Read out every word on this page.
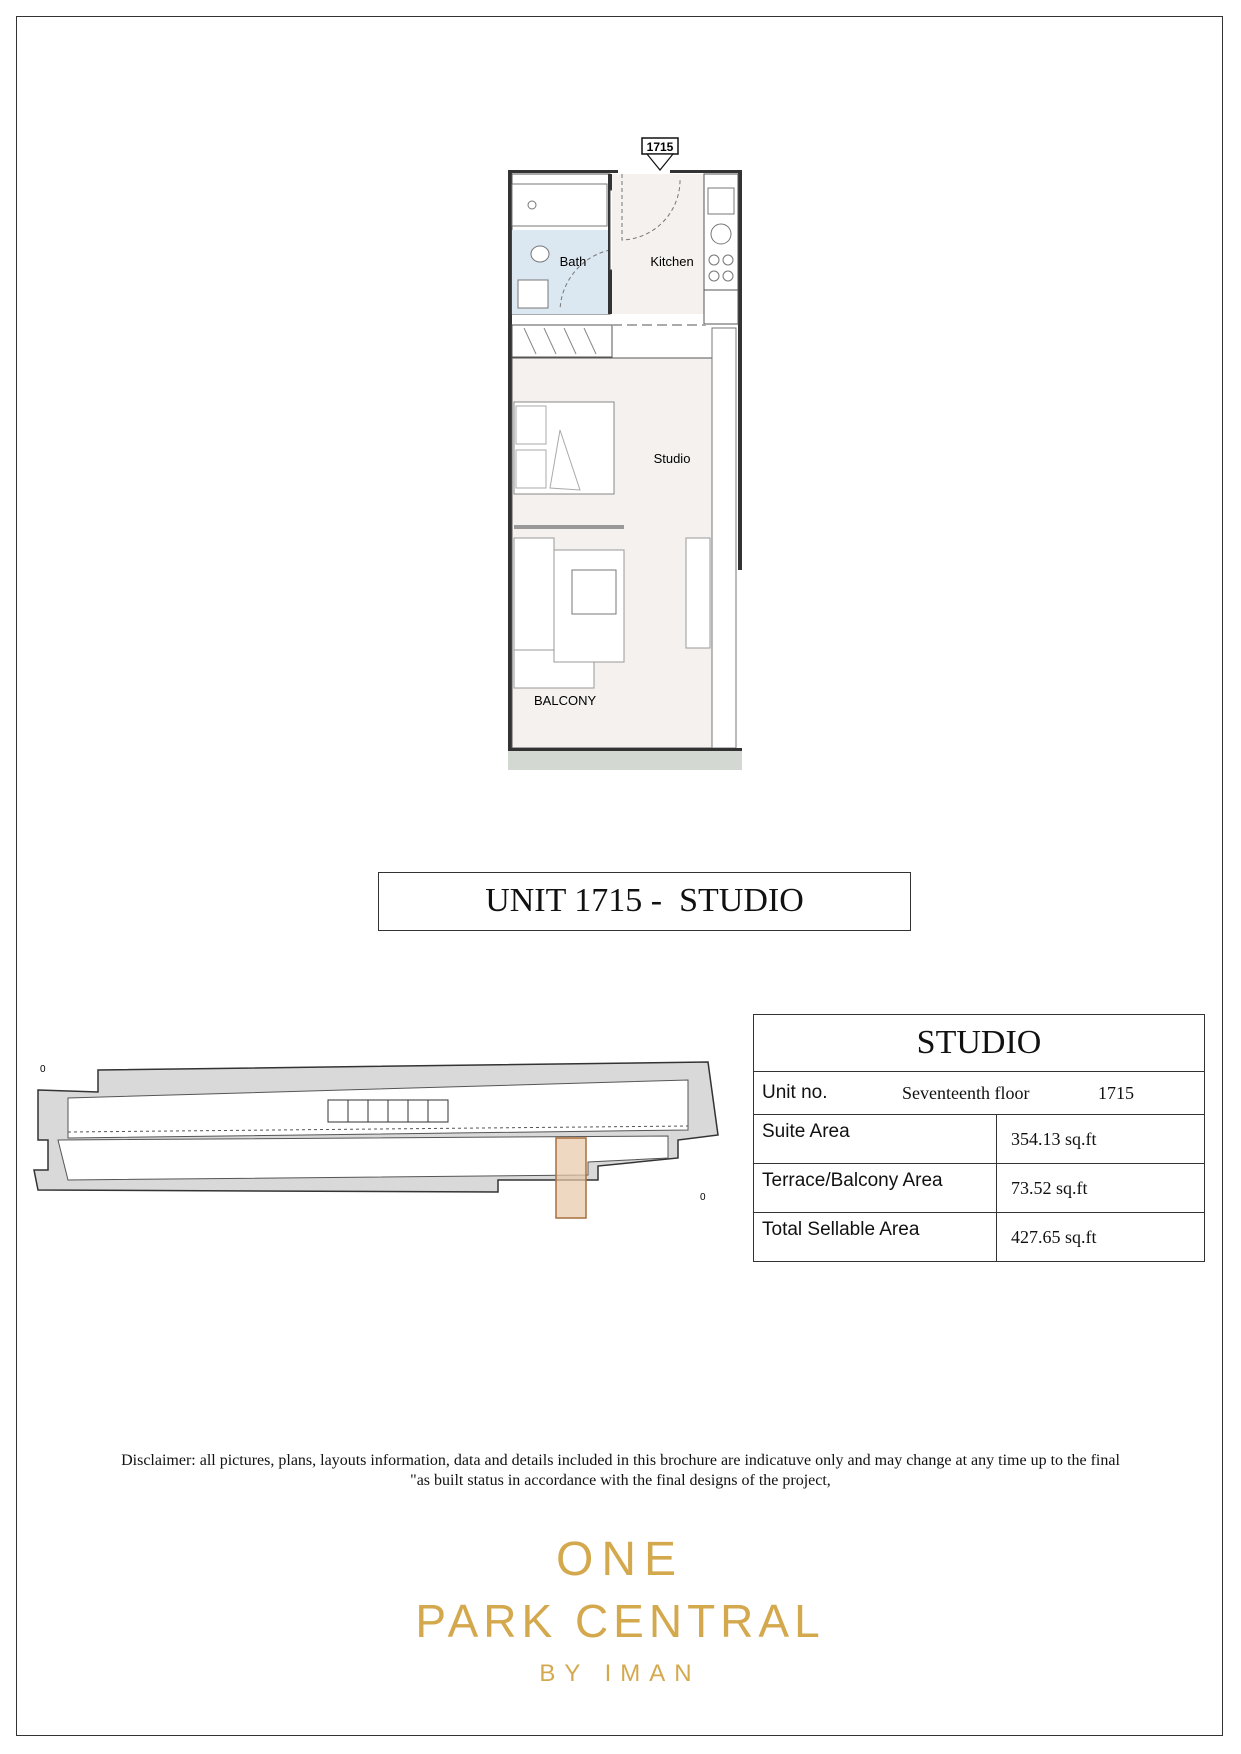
1715
Bath	Kitchen
Studio
BALCONY
UNIT 1715 -  STUDIO
0
0
STUDIO	

Unit no. Seventeenth floor 1715	

Suite Area	354.13 sq.ft
Terrace/Balcony Area	73.52 sq.ft
Total Sellable Area	427.65 sq.ft
Disclaimer: all pictures, plans, layouts information, data and details included in this brochure are indicatuve only and may change at any time up to the final
"as built status in accordance with the final designs of the project,
ONE
PARK CENTRAL
BY IMAN
